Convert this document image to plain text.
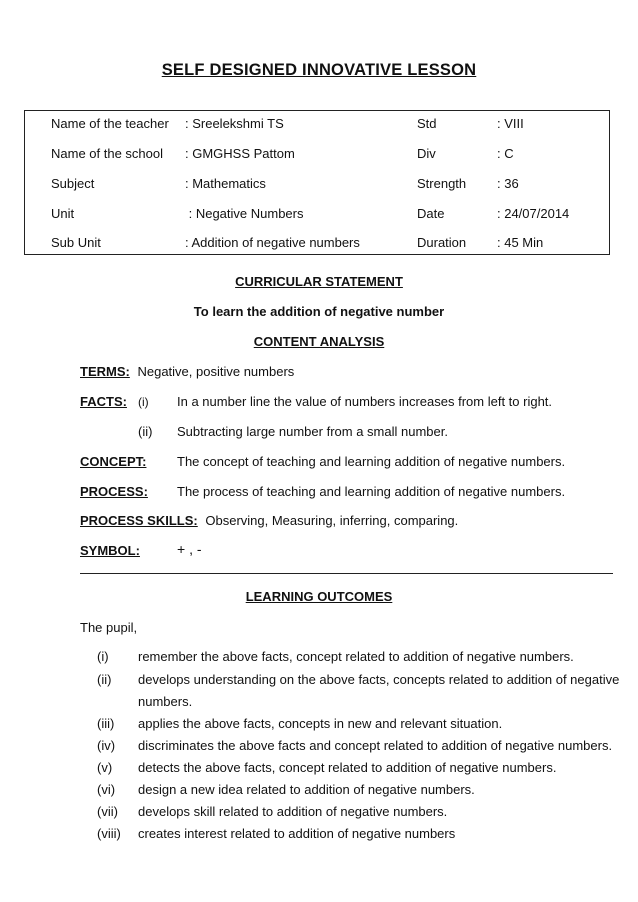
SELF DESIGNED INNOVATIVE LESSON
Name of the teacher : Sreelekshmi TS	Std	: VIII
Name of the school : GMGHSS Pattom	Div	: C
Subject	: Mathematics	Strength : 36
Unit	: Negative Numbers	Date	: 24/07/2014
Sub Unit	: Addition of negative numbers	Duration : 45 Min
CURRICULAR STATEMENT
To learn the addition of negative number
CONTENT ANALYSIS
TERMS: Negative, positive numbers
FACTS: (i) In a number line the value of numbers increases from left to right.
(ii) Subtracting large number from a small number.
CONCEPT: The concept of teaching and learning addition of negative numbers.
PROCESS: The process of teaching and learning addition of negative numbers.
PROCESS SKILLS: Observing, Measuring, inferring, comparing.
SYMBOL:	+ , -
LEARNING OUTCOMES
The pupil,
(i) remember the above facts, concept related to addition of negative numbers.
(ii) develops understanding on the above facts, concepts related to addition of negative
numbers.
(iii) applies the above facts, concepts in new and relevant situation.
(iv) discriminates the above facts and concept related to addition of negative numbers.
(v) detects the above facts, concept related to addition of negative numbers.
(vi) design a new idea related to addition of negative numbers.
(vii) develops skill related to addition of negative numbers.
(viii) creates interest related to addition of negative numbers
